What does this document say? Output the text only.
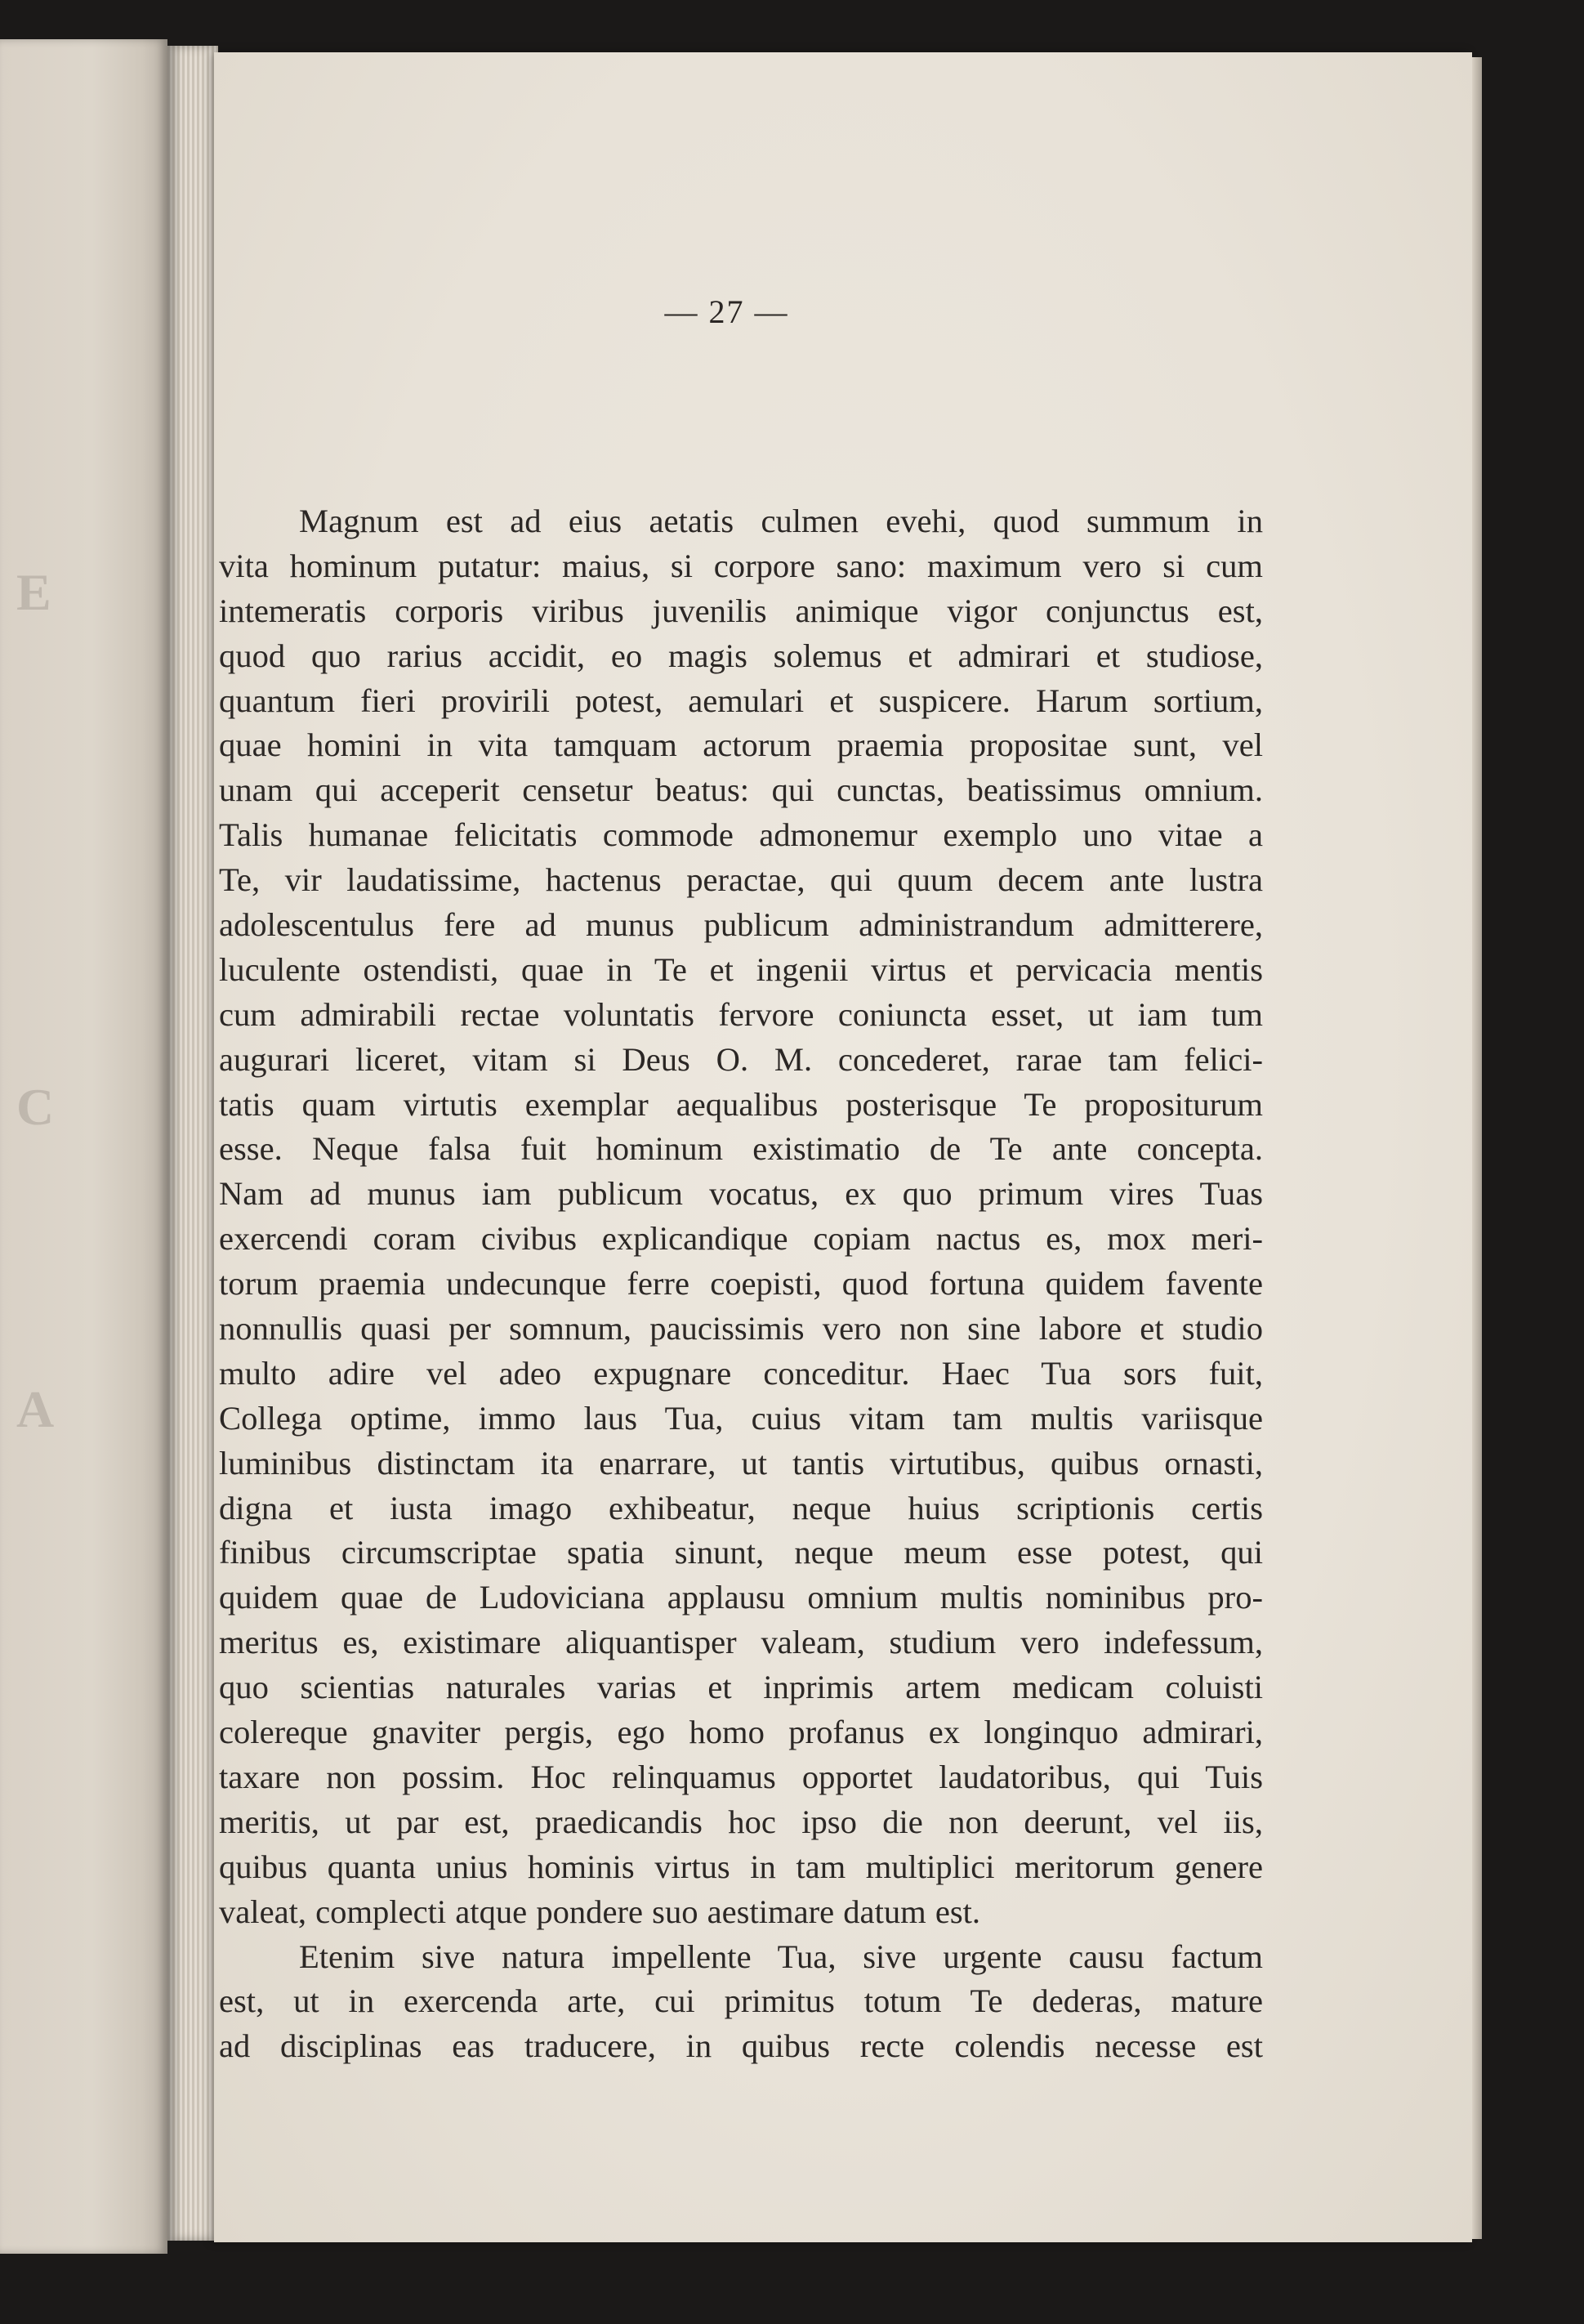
E
C
A
— 27 —
Magnum est ad eius aetatis culmen evehi, quod summum in
vita hominum putatur: maius, si corpore sano: maximum vero si cum
intemeratis corporis viribus juvenilis animique vigor conjunctus est,
quod quo rarius accidit, eo magis solemus et admirari et studiose,
quantum fieri provirili potest, aemulari et suspicere. Harum sortium,
quae homini in vita tamquam actorum praemia propositae sunt, vel
unam qui acceperit censetur beatus: qui cunctas, beatissimus omnium.
Talis humanae felicitatis commode admonemur exemplo uno vitae a
Te, vir laudatissime, hactenus peractae, qui quum decem ante lustra
adolescentulus fere ad munus publicum administrandum admitterere,
luculente ostendisti, quae in Te et ingenii virtus et pervicacia mentis
cum admirabili rectae voluntatis fervore coniuncta esset, ut iam tum
augurari liceret, vitam si Deus O. M. concederet, rarae tam felici-
tatis quam virtutis exemplar aequalibus posterisque Te propositurum
esse. Neque falsa fuit hominum existimatio de Te ante concepta.
Nam ad munus iam publicum vocatus, ex quo primum vires Tuas
exercendi coram civibus explicandique copiam nactus es, mox meri-
torum praemia undecunque ferre coepisti, quod fortuna quidem favente
nonnullis quasi per somnum, paucissimis vero non sine labore et studio
multo adire vel adeo expugnare conceditur. Haec Tua sors fuit,
Collega optime, immo laus Tua, cuius vitam tam multis variisque
luminibus distinctam ita enarrare, ut tantis virtutibus, quibus ornasti,
digna et iusta imago exhibeatur, neque huius scriptionis certis
finibus circumscriptae spatia sinunt, neque meum esse potest, qui
quidem quae de Ludoviciana applausu omnium multis nominibus pro-
meritus es, existimare aliquantisper valeam, studium vero indefessum,
quo scientias naturales varias et inprimis artem medicam coluisti
colereque gnaviter pergis, ego homo profanus ex longinquo admirari,
taxare non possim. Hoc relinquamus opportet laudatoribus, qui Tuis
meritis, ut par est, praedicandis hoc ipso die non deerunt, vel iis,
quibus quanta unius hominis virtus in tam multiplici meritorum genere
valeat, complecti atque pondere suo aestimare datum est.
Etenim sive natura impellente Tua, sive urgente causu factum
est, ut in exercenda arte, cui primitus totum Te dederas, mature
ad disciplinas eas traducere, in quibus recte colendis necesse est
